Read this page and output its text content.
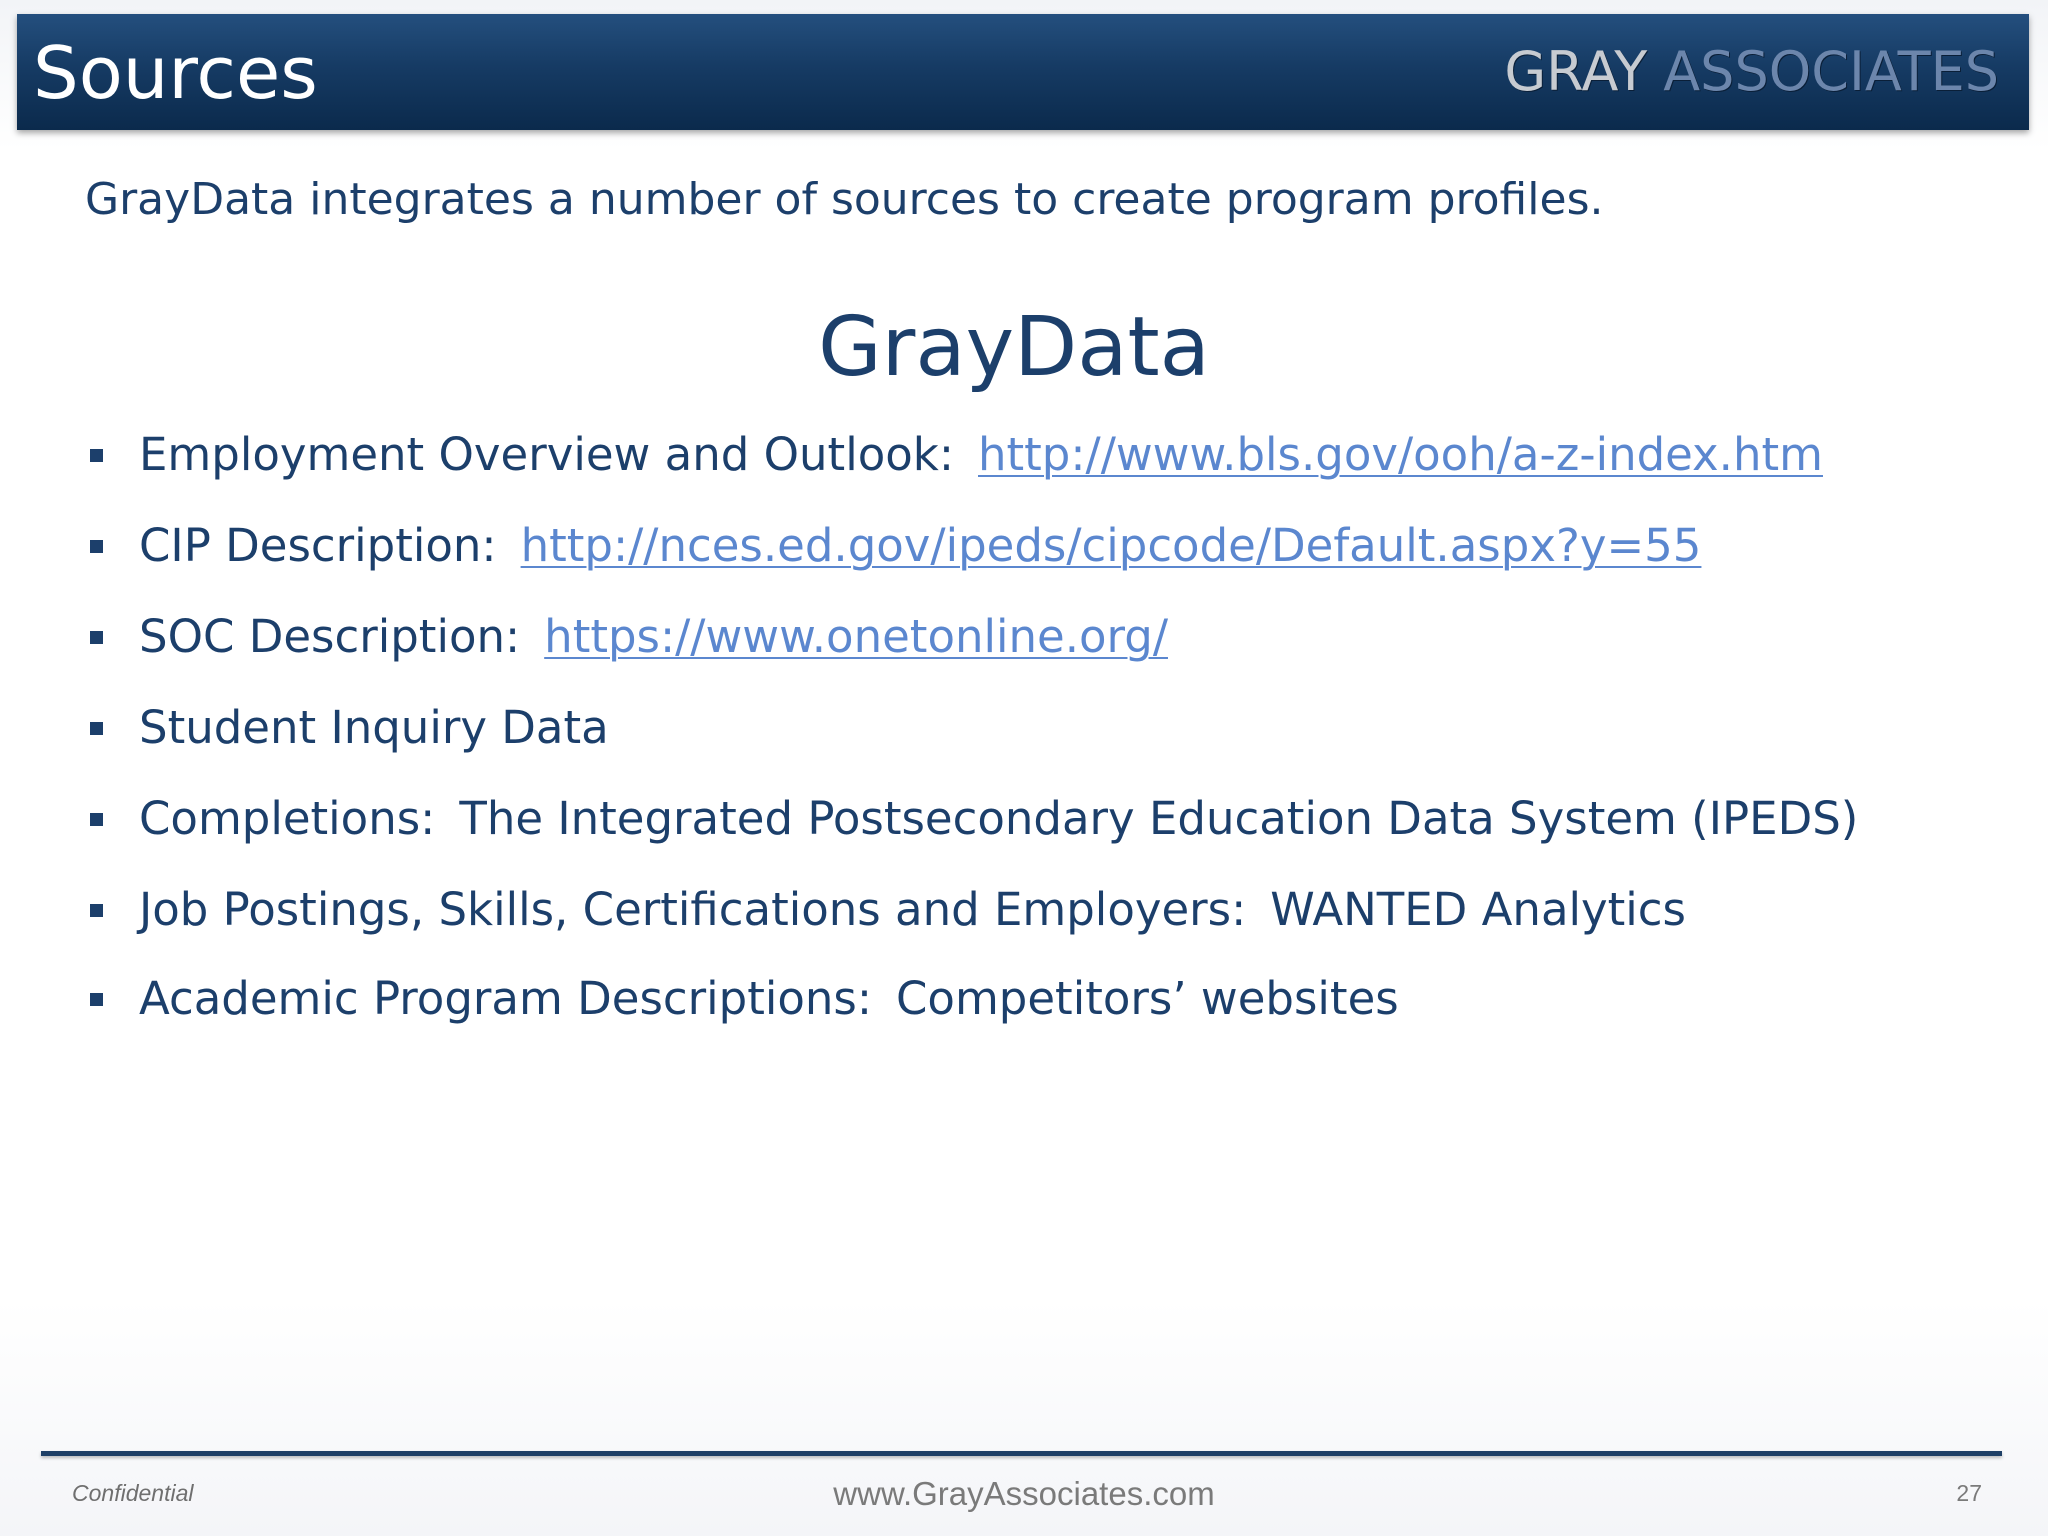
Sources	GRAY ASSOCIATES
GrayData integrates a number of sources to create program profiles.
GrayData
Employment Overview and Outlook: http://www.bls.gov/ooh/a-z-index.htm
CIP Description: http://nces.ed.gov/ipeds/cipcode/Default.aspx?y=55
SOC Description: https://www.onetonline.org/
Student Inquiry Data
Completions: The Integrated Postsecondary Education Data System (IPEDS)
Job Postings, Skills, Certifications and Employers: WANTED Analytics
Academic Program Descriptions: Competitors’ websites
Confidential	www.GrayAssociates.com	27
